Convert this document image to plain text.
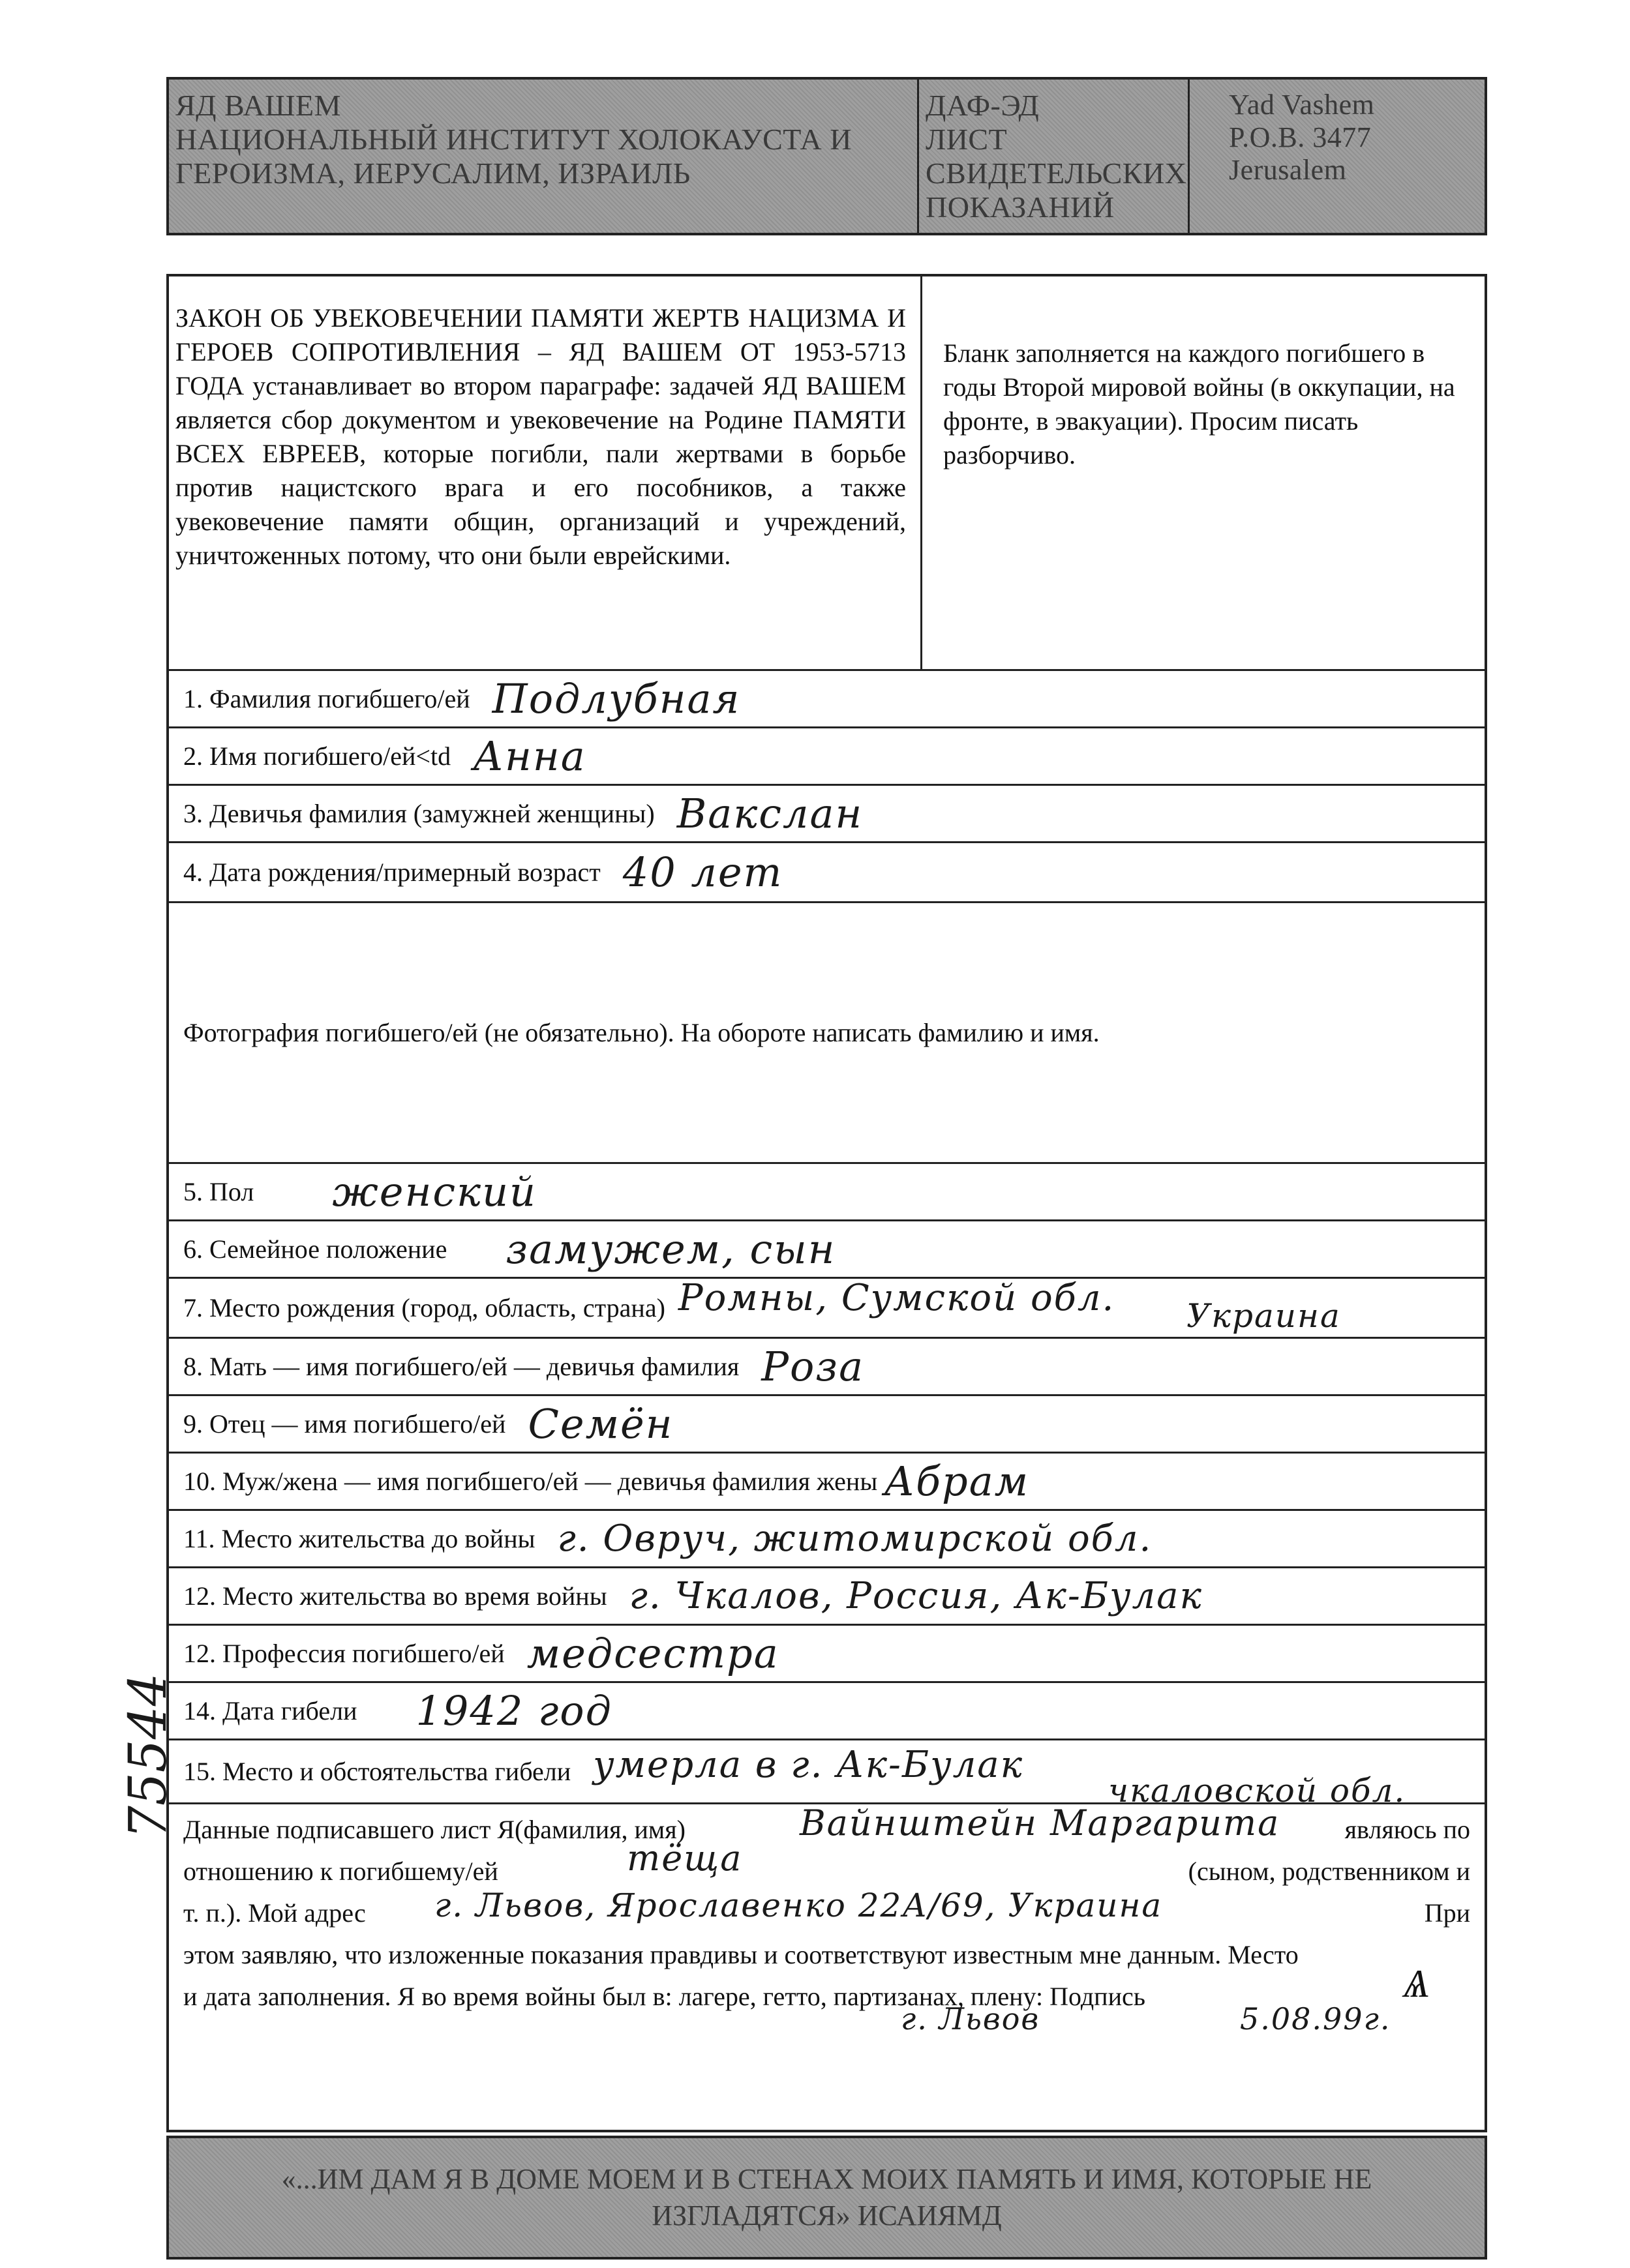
ЯД ВАШЕМ
НАЦИОНАЛЬНЫЙ ИНСТИТУТ ХОЛОКАУСТА И
ГЕРОИЗМА, ИЕРУСАЛИМ, ИЗРАИЛЬ
ДАФ-ЭД
ЛИСТ
СВИДЕТЕЛЬСКИХ
ПОКАЗАНИЙ
Yad Vashem
P.O.B. 3477
Jerusalem
ЗАКОН ОБ УВЕКОВЕЧЕНИИ ПАМЯТИ ЖЕРТВ НАЦИЗМА И ГЕРОЕВ СОПРОТИВЛЕНИЯ – ЯД ВАШЕМ ОТ 1953-5713 ГОДА устанавливает во втором параграфе: задачей ЯД ВАШЕМ является сбор документом и увековечение на Родине ПАМЯТИ ВСЕХ ЕВРЕЕВ, которые погибли, пали жертвами в борьбе против нацистского врага и его пособников, а также увековечение памяти общин, организаций и учреждений, уничтоженных потому, что они были еврейскими.
Бланк заполняется на каждого погибшего в годы Второй мировой войны (в оккупации, на фронте, в эвакуации). Просим писать разборчиво.
1. Фамилия погибшего/ей Подлубная
2. Имя погибшего/ей<td Анна
3. Девичья фамилия (замужней женщины) Вакслан
4. Дата рождения/примерный возраст 40 лет
Фотография погибшего/ей (не обязательно). На обороте написать фамилию и имя.
5. Пол женский
6. Семейное положение замужем, сын
7. Место рождения (город, область, страна) Ромны, Сумской обл. Украина
8. Мать — имя погибшего/ей — девичья фамилия Роза
9. Отец — имя погибшего/ей Семён
10. Муж/жена — имя погибшего/ей — девичья фамилия жены Абрам
11. Место жительства до войны г. Овруч, житомирской обл.
12. Место жительства во время войны г. Чкалов, Россия, Ак-Булак
12. Профессия погибшего/ей медсестра
14. Дата гибели 1942 год
15. Место и обстоятельства гибели умерла в г. Ак-Булак
чкаловской обл.
Данные подписавшего лист Я(фамилия, имя)	Вайнштейн Маргарита являюсь по
отношению к погибшему/ей	тёща	(сыном, родственником и
т. п.). Мой адрес г. Львов, Ярославенко 22А/69, Украина	При
этом заявляю, что изложенные показания правдивы и соответствуют известным мне данным. Место
и дата заполнения. Я во время войны был в: лагере, гетто, партизанах, плену: Подпись	Ѧ
г. Львов	5.08.99г.
«...ИМ ДАМ Я В ДОМЕ МОЕМ И В СТЕНАХ МОИХ ПАМЯТЬ И ИМЯ, КОТОРЫЕ НЕ
ИЗГЛАДЯТСЯ» ИСАИЯМД
75544
